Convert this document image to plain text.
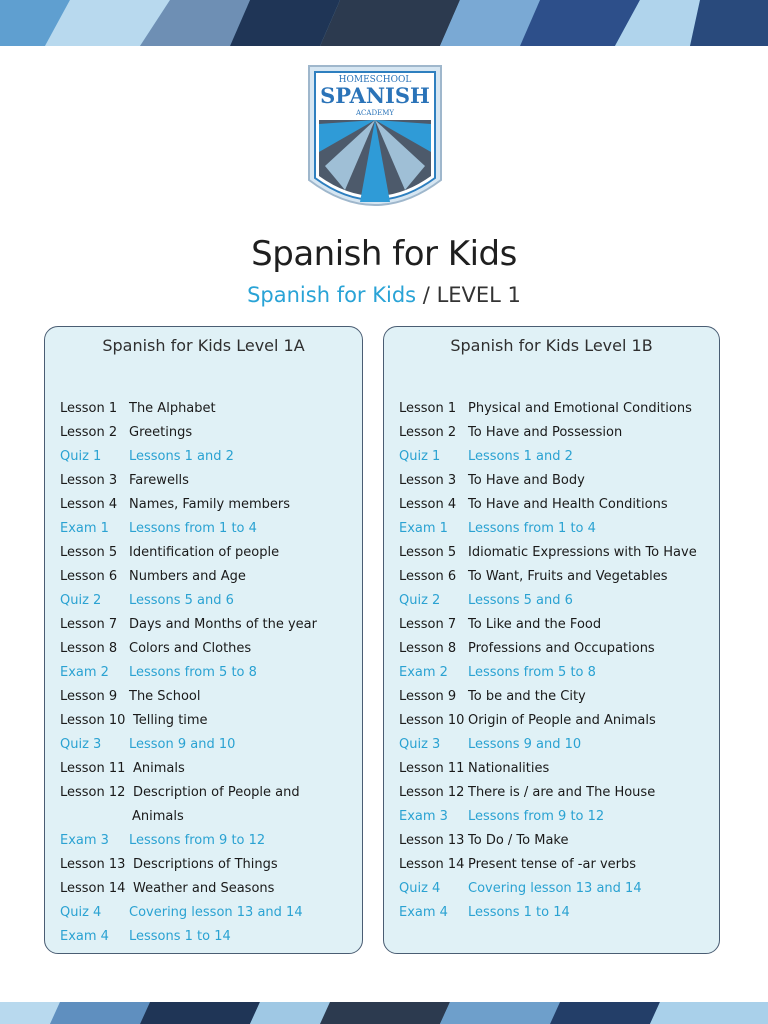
HOMESCHOOL
SPANISH
ACADEMY
Spanish for Kids
Spanish for Kids / LEVEL 1
Spanish for Kids Level 1A
Lesson 1 The Alphabet
Lesson 2 Greetings
Quiz 1 Lessons 1 and 2
Lesson 3 Farewells
Lesson 4 Names, Family members
Exam 1 Lessons from 1 to 4
Lesson 5 Identification of people
Lesson 6 Numbers and Age
Quiz 2 Lessons 5 and 6
Lesson 7 Days and Months of the year
Lesson 8 Colors and Clothes
Exam 2 Lessons from 5 to 8
Lesson 9 The School
Lesson 10 Telling time
Quiz 3 Lesson 9 and 10
Lesson 11 Animals
Lesson 12 Description of People and
Animals
Exam 3 Lessons from 9 to 12
Lesson 13 Descriptions of Things
Lesson 14 Weather and Seasons
Quiz 4 Covering lesson 13 and 14
Exam 4 Lessons 1 to 14
Spanish for Kids Level 1B
Lesson 1 Physical and Emotional Conditions
Lesson 2 To Have and Possession
Quiz 1 Lessons 1 and 2
Lesson 3 To Have and Body
Lesson 4 To Have and Health Conditions
Exam 1 Lessons from 1 to 4
Lesson 5 Idiomatic Expressions with To Have
Lesson 6 To Want, Fruits and Vegetables
Quiz 2 Lessons 5 and 6
Lesson 7 To Like and the Food
Lesson 8 Professions and Occupations
Exam 2 Lessons from 5 to 8
Lesson 9 To be and the City
Lesson 10 Origin of People and Animals
Quiz 3 Lessons 9 and 10
Lesson 11 Nationalities
Lesson 12 There is / are and The House
Exam 3 Lessons from 9 to 12
Lesson 13 To Do / To Make
Lesson 14 Present tense of -ar verbs
Quiz 4 Covering lesson 13 and 14
Exam 4 Lessons 1 to 14
